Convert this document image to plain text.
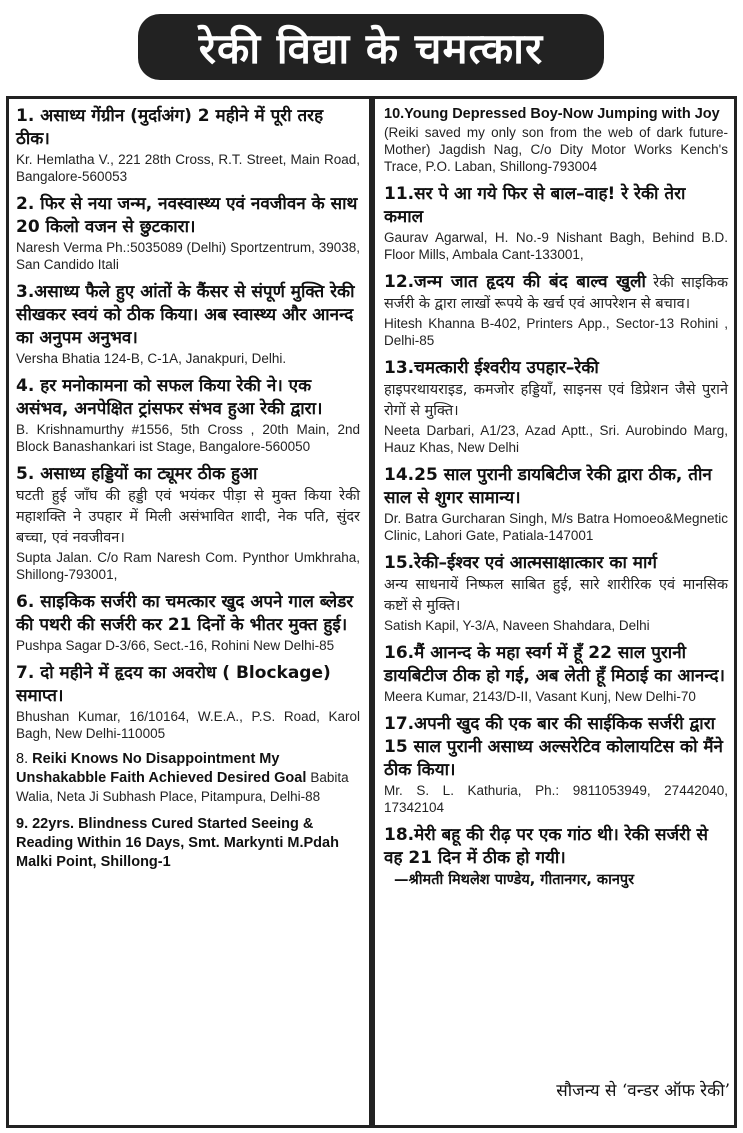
रेकी विद्या के चमत्कार
1. असाध्य गेंग्रीन (मुर्दाअंग) 2 महीने में पूरी तरह ठीक।
Kr. Hemlatha V., 221 28th Cross, R.T. Street, Main Road, Bangalore-560053
2. फिर से नया जन्म, नवस्वास्थ्य एवं नवजीवन के साथ 20 किलो वजन से छुटकारा।
Naresh Verma Ph.:5035089 (Delhi) Sportzentrum, 39038, San Candido Itali
3.असाध्य फैले हुए आंतों के कैंसर से संपूर्ण मुक्ति रेकी सीखकर स्वयं को ठीक किया। अब स्वास्थ्य और आनन्द का अनुपम अनुभव।
Versha Bhatia 124-B, C-1A, Janakpuri, Delhi.
4. हर मनोकामना को सफल किया रेकी ने। एक असंभव, अनपेक्षित ट्रांसफर संभव हुआ रेकी द्वारा।
B. Krishnamurthy #1556, 5th Cross , 20th Main, 2nd Block Banashankari ist Stage, Bangalore-560050
5. असाध्य हड्डियों का ट्यूमर ठीक हुआ
घटती हुई जाँघ की हड्डी एवं भयंकर पीड़ा से मुक्त किया रेकी महाशक्ति ने उपहार में मिली असंभावित शादी, नेक पति, सुंदर बच्चा, एवं नवजीवन।
Supta Jalan. C/o Ram Naresh Com. Pynthor Umkhraha, Shillong-793001,
6. साइकिक सर्जरी का चमत्कार खुद अपने गाल ब्लेडर की पथरी की सर्जरी कर 21 दिनों के भीतर मुक्त हुई।
Pushpa Sagar D-3/66, Sect.-16, Rohini New Delhi-85
7. दो महीने में हृदय का अवरोध ( Blockage) समाप्त।
Bhushan Kumar, 16/10164, W.E.A., P.S. Road, Karol Bagh, New Delhi-110005
8. Reiki Knows No Disappointment My Unshakabble Faith Achieved Desired Goal Babita Walia, Neta Ji Subhash Place, Pitampura, Delhi-88
9. 22yrs. Blindness Cured Started Seeing & Reading Within 16 Days, Smt. Markynti M.Pdah Malki Point, Shillong-1
10.Young Depressed Boy-Now Jumping with Joy
(Reiki saved my only son from the web of dark future-Mother) Jagdish Nag, C/o Dity Motor Works Kench's Trace, P.O. Laban, Shillong-793004
11.सर पे आ गये फिर से बाल–वाह! रे रेकी तेरा कमाल
Gaurav Agarwal, H. No.-9 Nishant Bagh, Behind B.D. Floor Mills, Ambala Cant-133001,
12.जन्म जात हृदय की बंद बाल्व खुली रेकी साइकिक सर्जरी के द्वारा लाखों रूपये के खर्च एवं आपरेशन से बचाव।
Hitesh Khanna B-402, Printers App., Sector-13 Rohini , Delhi-85
13.चमत्कारी ईश्वरीय उपहार–रेकी
हाइपरथायराइड, कमजोर हड्डियाँ, साइनस एवं डिप्रेशन जैसे पुराने रोगों से मुक्ति।
Neeta Darbari, A1/23, Azad Aptt., Sri. Aurobindo Marg, Hauz Khas, New Delhi
14.25 साल पुरानी डायबिटीज रेकी द्वारा ठीक, तीन साल से शुगर सामान्य।
Dr. Batra Gurcharan Singh, M/s Batra Homoeo&Megnetic Clinic, Lahori Gate, Patiala-147001
15.रेकी–ईश्वर एवं आत्मसाक्षात्कार का मार्ग
अन्य साधनायें निष्फल साबित हुई, सारे शारीरिक एवं मानसिक कष्टों से मुक्ति।
Satish Kapil, Y-3/A, Naveen Shahdara, Delhi
16.मैं आनन्द के महा स्वर्ग में हूँ 22 साल पुरानी डायबिटीज ठीक हो गई, अब लेती हूँ मिठाई का आनन्द।
Meera Kumar, 2143/D-II, Vasant Kunj, New Delhi-70
17.अपनी खुद की एक बार की साईकिक सर्जरी द्वारा 15 साल पुरानी असाध्य अल्सरेटिव कोलायटिस को मैंने ठीक किया।
Mr. S. L. Kathuria, Ph.: 9811053949, 27442040, 17342104
18.मेरी बहू की रीढ़ पर एक गांठ थी। रेकी सर्जरी से वह 21 दिन में ठीक हो गयी।
—श्रीमती मिथलेश पाण्डेय, गीतानगर, कानपुर
सौजन्य से ‘वन्डर ऑफ रेकी’
